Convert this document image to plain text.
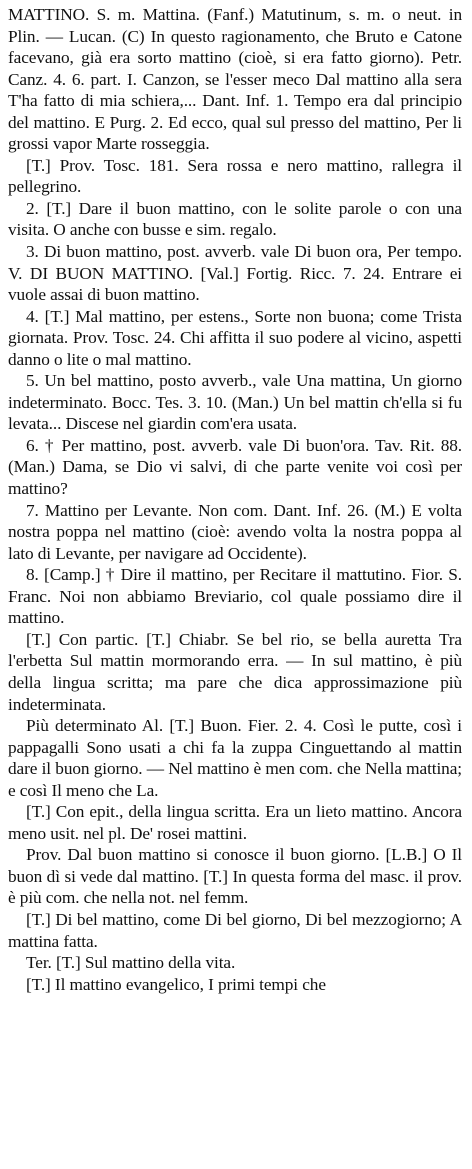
MATTINO. S. m. Mattina. (Fanf.) Matutinum, s. m. o neut. in Plin. — Lucan. (C) In questo ragionamento, che Bruto e Catone facevano, già era sorto mattino (cioè, si era fatto giorno). Petr. Canz. 4. 6. part. I. Canzon, se l'esser meco Dal mattino alla sera T'ha fatto di mia schiera,... Dant. Inf. 1. Tempo era dal principio del mattino. E Purg. 2. Ed ecco, qual sul presso del mattino, Per li grossi vapor Marte rosseggia.

[T.] Prov. Tosc. 181. Sera rossa e nero mattino, rallegra il pellegrino.

2. [T.] Dare il buon mattino, con le solite parole o con una visita. O anche con busse e sim. regalo.

3. Di buon mattino, post. avverb. vale Di buon ora, Per tempo. V. DI BUON MATTINO. [Val.] Fortig. Ricc. 7. 24. Entrare ei vuole assai di buon mattino.

4. [T.] Mal mattino, per estens., Sorte non buona; come Trista giornata. Prov. Tosc. 24. Chi affitta il suo podere al vicino, aspetti danno o lite o mal mattino.

5. Un bel mattino, posto avverb., vale Una mattina, Un giorno indeterminato. Bocc. Tes. 3. 10. (Man.) Un bel mattin ch'ella si fu levata... Discese nel giardin com'era usata.

6. † Per mattino, post. avverb. vale Di buon'ora. Tav. Rit. 88. (Man.) Dama, se Dio vi salvi, di che parte venite voi così per mattino?

7. Mattino per Levante. Non com. Dant. Inf. 26. (M.) E volta nostra poppa nel mattino (cioè: avendo volta la nostra poppa al lato di Levante, per navigare ad Occidente).

8. [Camp.] † Dire il mattino, per Recitare il mattutino. Fior. S. Franc. Noi non abbiamo Breviario, col quale possiamo dire il mattino.

[T.] Con partic. [T.] Chiabr. Se bel rio, se bella auretta Tra l'erbetta Sul mattin mormorando erra. — In sul mattino, è più della lingua scritta; ma pare che dica approssimazione più indeterminata.

Più determinato Al. [T.] Buon. Fier. 2. 4. Così le putte, così i pappagalli Sono usati a chi fa la zuppa Cinguettando al mattin dare il buon giorno. — Nel mattino è men com. che Nella mattina; e così Il meno che La.

[T.] Con epit., della lingua scritta. Era un lieto mattino. Ancora meno usit. nel pl. De' rosei mattini.

Prov. Dal buon mattino si conosce il buon giorno. [L.B.] O Il buon dì si vede dal mattino. [T.] In questa forma del masc. il prov. è più com. che nella not. nel femm.

[T.] Di bel mattino, come Di bel giorno, Di bel mezzogiorno; A mattina fatta.

Ter. [T.] Sul mattino della vita.

[T.] Il mattino evangelico, I primi tempi che
